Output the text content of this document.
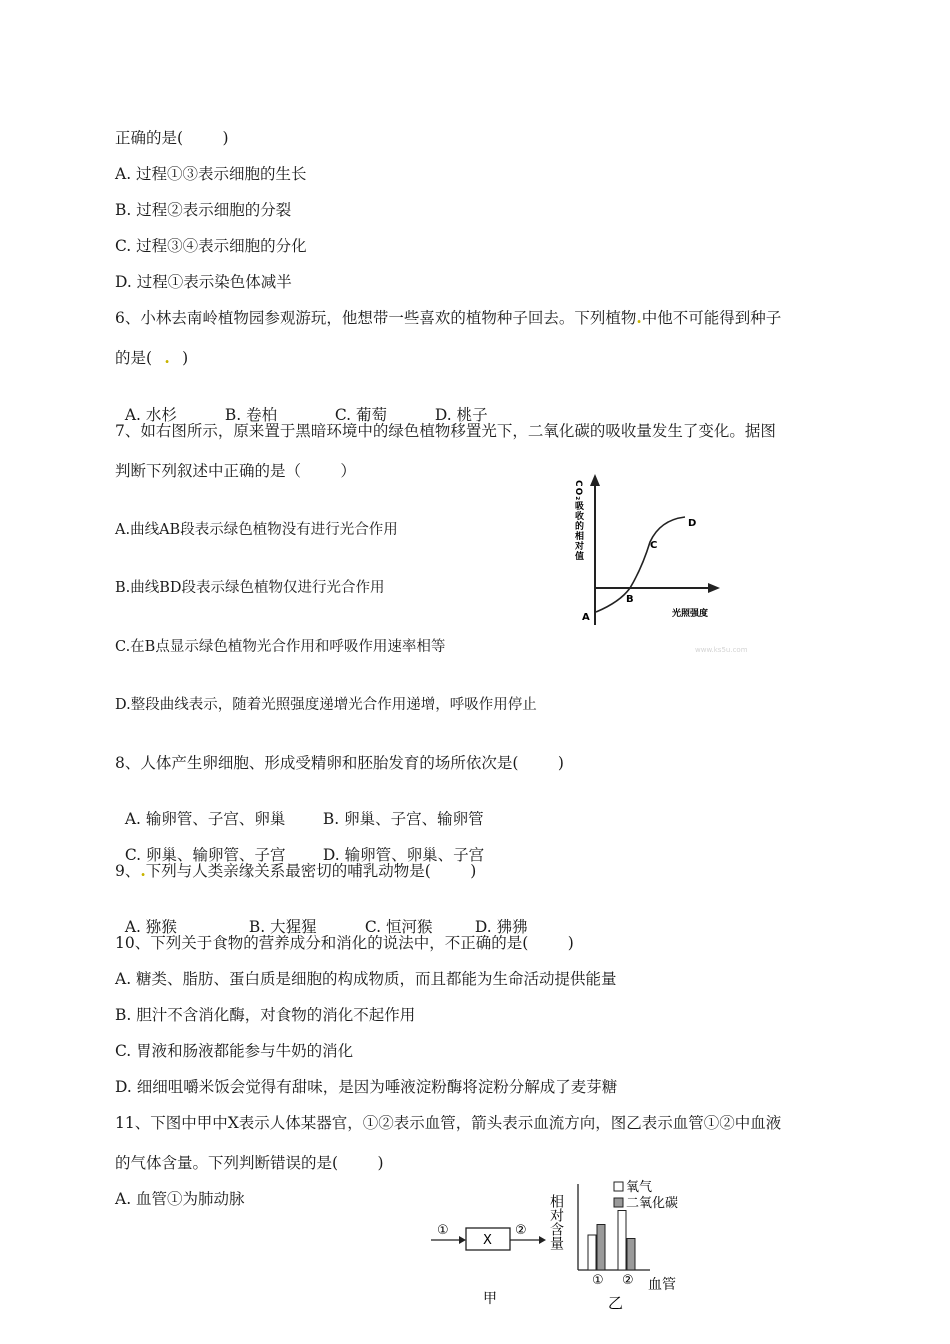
正确的是(        )
A. 过程①③表示细胞的生长
B. 过程②表示细胞的分裂
C. 过程③④表示细胞的分化
D. 过程①表示染色体减半
6、小林去南岭植物园参观游玩，他想带一些喜欢的植物种子回去。下列植物.中他不可能得到种子
的是( . )

A. 水杉	B. 卷柏	C. 葡萄	D. 桃子

7、如右图所示，原来置于黑暗环境中的绿色植物移置光下，二氧化碳的吸收量发生了变化。据图
判断下列叙述中正确的是（        ）
A.曲线AB段表示绿色植物没有进行光合作用
B.曲线BD段表示绿色植物仅进行光合作用
C.在B点显示绿色植物光合作用和呼吸作用速率相等
D.整段曲线表示，随着光照强度递增光合作用递增，呼吸作用停止
A
B
C
D
光照强度
CO₂吸收的相对值
www.ks5u.com
8、人体产生卵细胞、形成受精卵和胚胎发育的场所依次是(        )

A. 输卵管、子宫、卵巢 B. 卵巢、子宫、输卵管

C. 卵巢、输卵管、子宫 D. 输卵管、卵巢、子宫

9、.下列与人类亲缘关系最密切的哺乳动物是(        )

A. 猕猴	B. 大猩猩	C. 恒河猴	D. 狒狒

10、下列关于食物的营养成分和消化的说法中，不正确的是(        )
A. 糖类、脂肪、蛋白质是细胞的构成物质，而且都能为生命活动提供能量
B. 胆汁不含消化酶，对食物的消化不起作用
C. 胃液和肠液都能参与牛奶的消化
D. 细细咀嚼米饭会觉得有甜味，是因为唾液淀粉酶将淀粉分解成了麦芽糖
11、下图中甲中X表示人体某器官，①②表示血管，箭头表示血流方向，图乙表示血管①②中血液
的气体含量。下列判断错误的是(        )
A. 血管①为肺动脉
X
①	②
甲
相对含量
氧气
二氧化碳
① ② 血管
乙
